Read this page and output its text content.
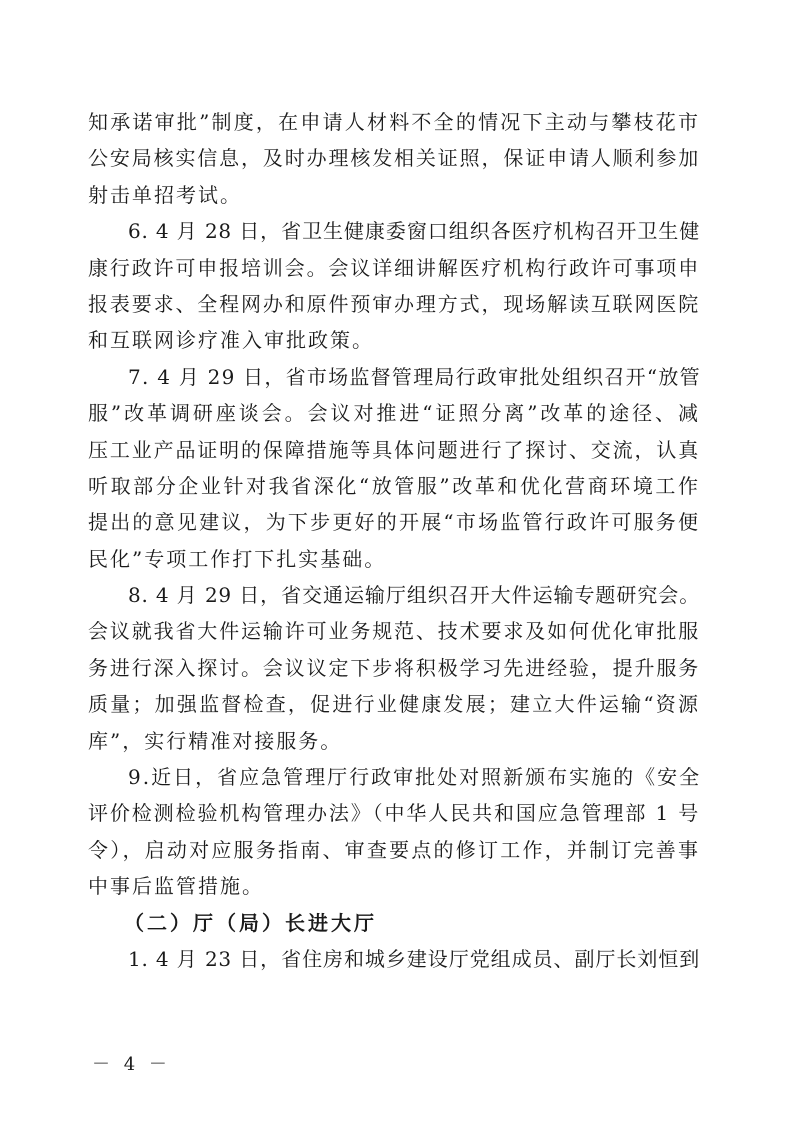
知承诺审批”制度，在申请人材料不全的情况下主动与攀枝花市
公安局核实信息，及时办理核发相关证照，保证申请人顺利参加
射击单招考试。
6. 4 月 28 日，省卫生健康委窗口组织各医疗机构召开卫生健
康行政许可申报培训会。会议详细讲解医疗机构行政许可事项申
报表要求、全程网办和原件预审办理方式，现场解读互联网医院
和互联网诊疗准入审批政策。
7. 4 月 29 日，省市场监督管理局行政审批处组织召开“放管
服”改革调研座谈会。会议对推进“证照分离”改革的途径、减
压工业产品证明的保障措施等具体问题进行了探讨、交流，认真
听取部分企业针对我省深化“放管服”改革和优化营商环境工作
提出的意见建议，为下步更好的开展“市场监管行政许可服务便
民化”专项工作打下扎实基础。
8. 4 月 29 日，省交通运输厅组织召开大件运输专题研究会。
会议就我省大件运输许可业务规范、技术要求及如何优化审批服
务进行深入探讨。会议议定下步将积极学习先进经验，提升服务
质量；加强监督检查，促进行业健康发展；建立大件运输“资源
库”，实行精准对接服务。
9.近日，省应急管理厅行政审批处对照新颁布实施的《安全
评价检测检验机构管理办法》（中华人民共和国应急管理部 1 号
令），启动对应服务指南、审查要点的修订工作，并制订完善事
中事后监管措施。
（二）厅（局）长进大厅
1. 4 月 23 日，省住房和城乡建设厅党组成员、副厅长刘恒到
－ 4 －
